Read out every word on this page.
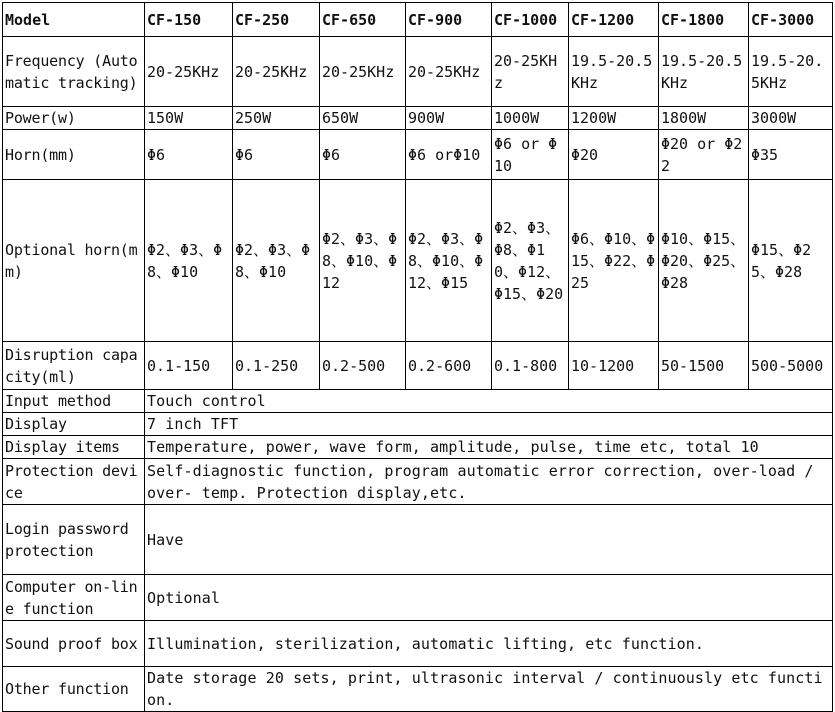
Model	CF-150	CF-250	CF-650	CF-900	CF-1000	CF-1200	CF-1800	CF-3000
Frequency (Automatic tracking)	20-25KHz	20-25KHz	20-25KHz	20-25KHz	20-25KHz	19.5-20.5KHz	19.5-20.5KHz	19.5-20.5KHz
Power(w)	150W	250W	650W	900W	1000W	1200W	1800W	3000W
Horn(mm)	Φ6	Φ6	Φ6	Φ6 orΦ10	Φ6 or Φ10	Φ20	Φ20 or Φ22	Φ35
Optional horn(mm)	Φ2、Φ3、Φ8、Φ10	Φ2、Φ3、Φ8、Φ10	Φ2、Φ3、Φ8、Φ10、Φ12	Φ2、Φ3、Φ8、Φ10、Φ12、Φ15	Φ2、Φ3、Φ8、Φ10、Φ12、Φ15、Φ20	Φ6、Φ10、Φ15、Φ22、Φ25	Φ10、Φ15、Φ20、Φ25、Φ28	Φ15、Φ25、Φ28
Disruption capacity(ml)	0.1-150	0.1-250	0.2-500	0.2-600	0.1-800	10-1200	50-1500	500-5000
Input method	Touch control							
Display	7 inch TFT							
Display items	Temperature, power, wave form, amplitude, pulse, time etc, total 10							
Protection device	Self-diagnostic function, program automatic error correction, over-load / over- temp. Protection display,etc.							
Login password protection	Have							
Computer on-line function	Optional							
Sound proof box	Illumination, sterilization, automatic lifting, etc function.							
Other function	Date storage 20 sets, print, ultrasonic interval / continuously etc function.							
